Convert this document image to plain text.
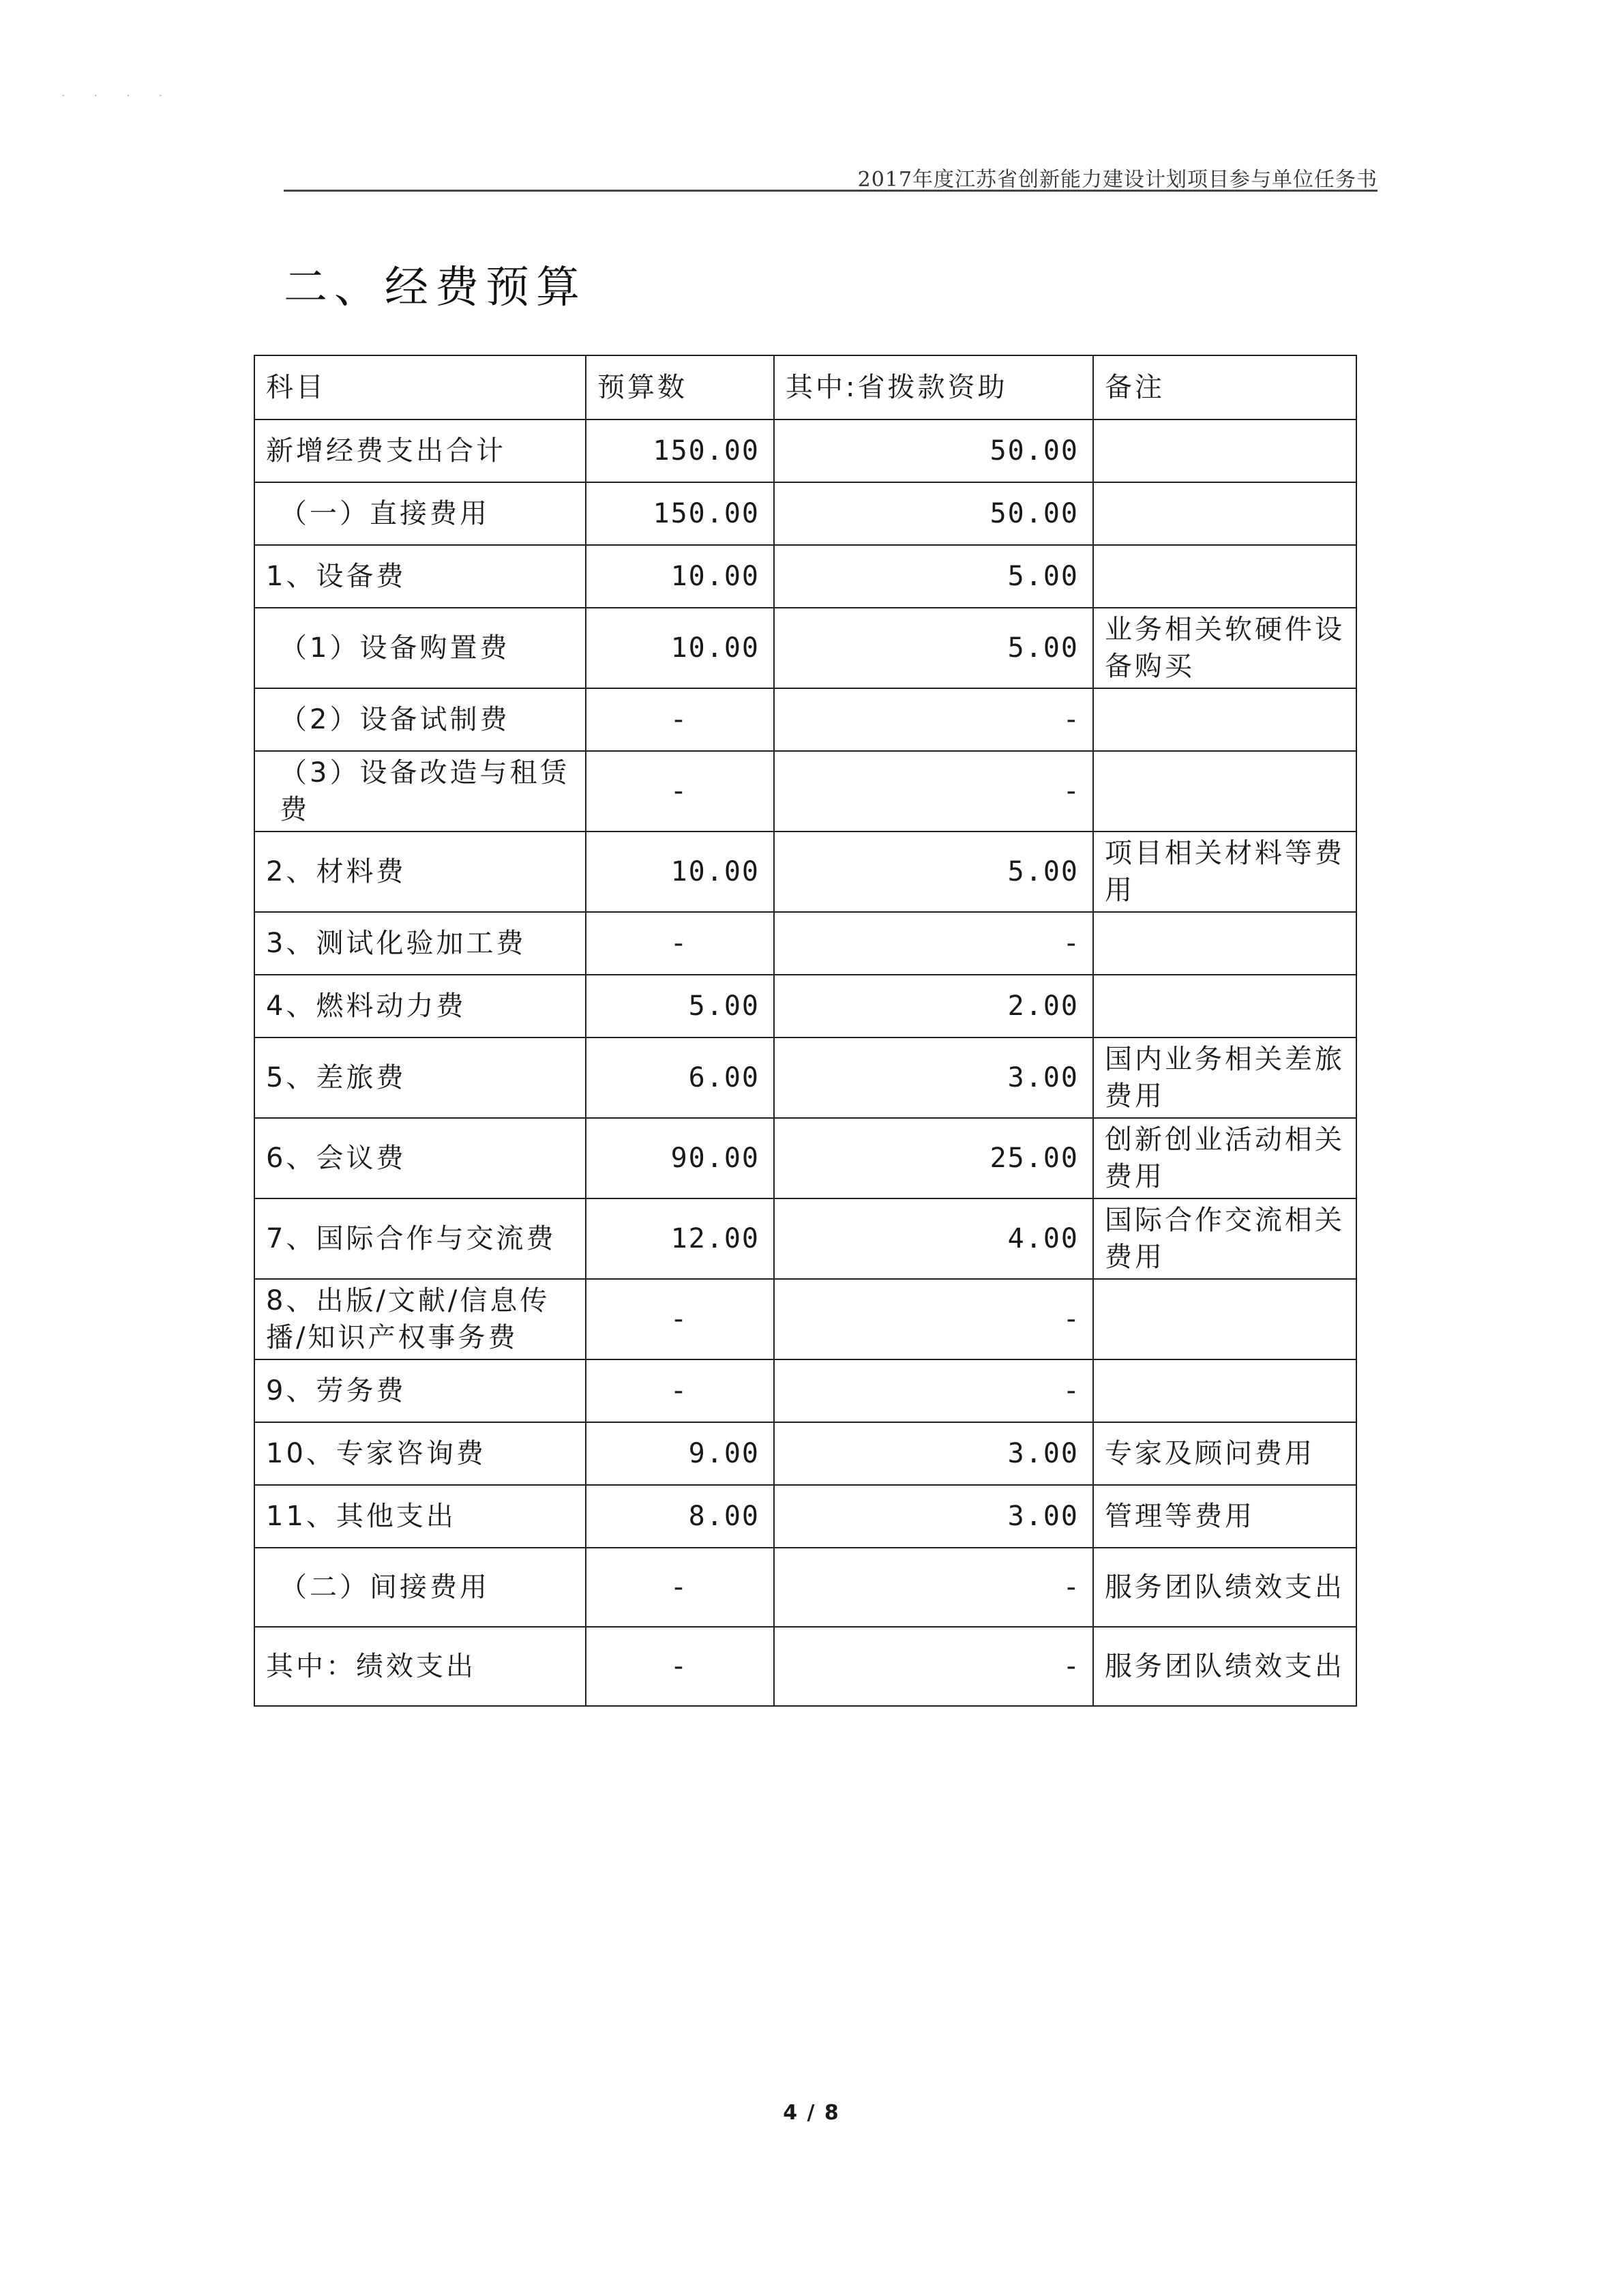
· · · ·
2017年度江苏省创新能力建设计划项目参与单位任务书
二、经费预算
科目	预算数	其中:省拨款资助	备注
新增经费支出合计	150.00	50.00	
（一）直接费用	150.00	50.00	
1、设备费	10.00	5.00	
（1）设备购置费	10.00	5.00	业务相关软硬件设备购买
（2）设备试制费	-	-	
（3）设备改造与租赁费	-	-	
2、材料费	10.00	5.00	项目相关材料等费用
3、测试化验加工费	-	-	
4、燃料动力费	5.00	2.00	
5、差旅费	6.00	3.00	国内业务相关差旅费用
6、会议费	90.00	25.00	创新创业活动相关费用
7、国际合作与交流费	12.00	4.00	国际合作交流相关费用
8、出版/文献/信息传播/知识产权事务费	-	-	
9、劳务费	-	-	
10、专家咨询费	9.00	3.00	专家及顾问费用
11、其他支出	8.00	3.00	管理等费用
（二）间接费用	-	-	服务团队绩效支出
其中：绩效支出	-	-	服务团队绩效支出
4 / 8
